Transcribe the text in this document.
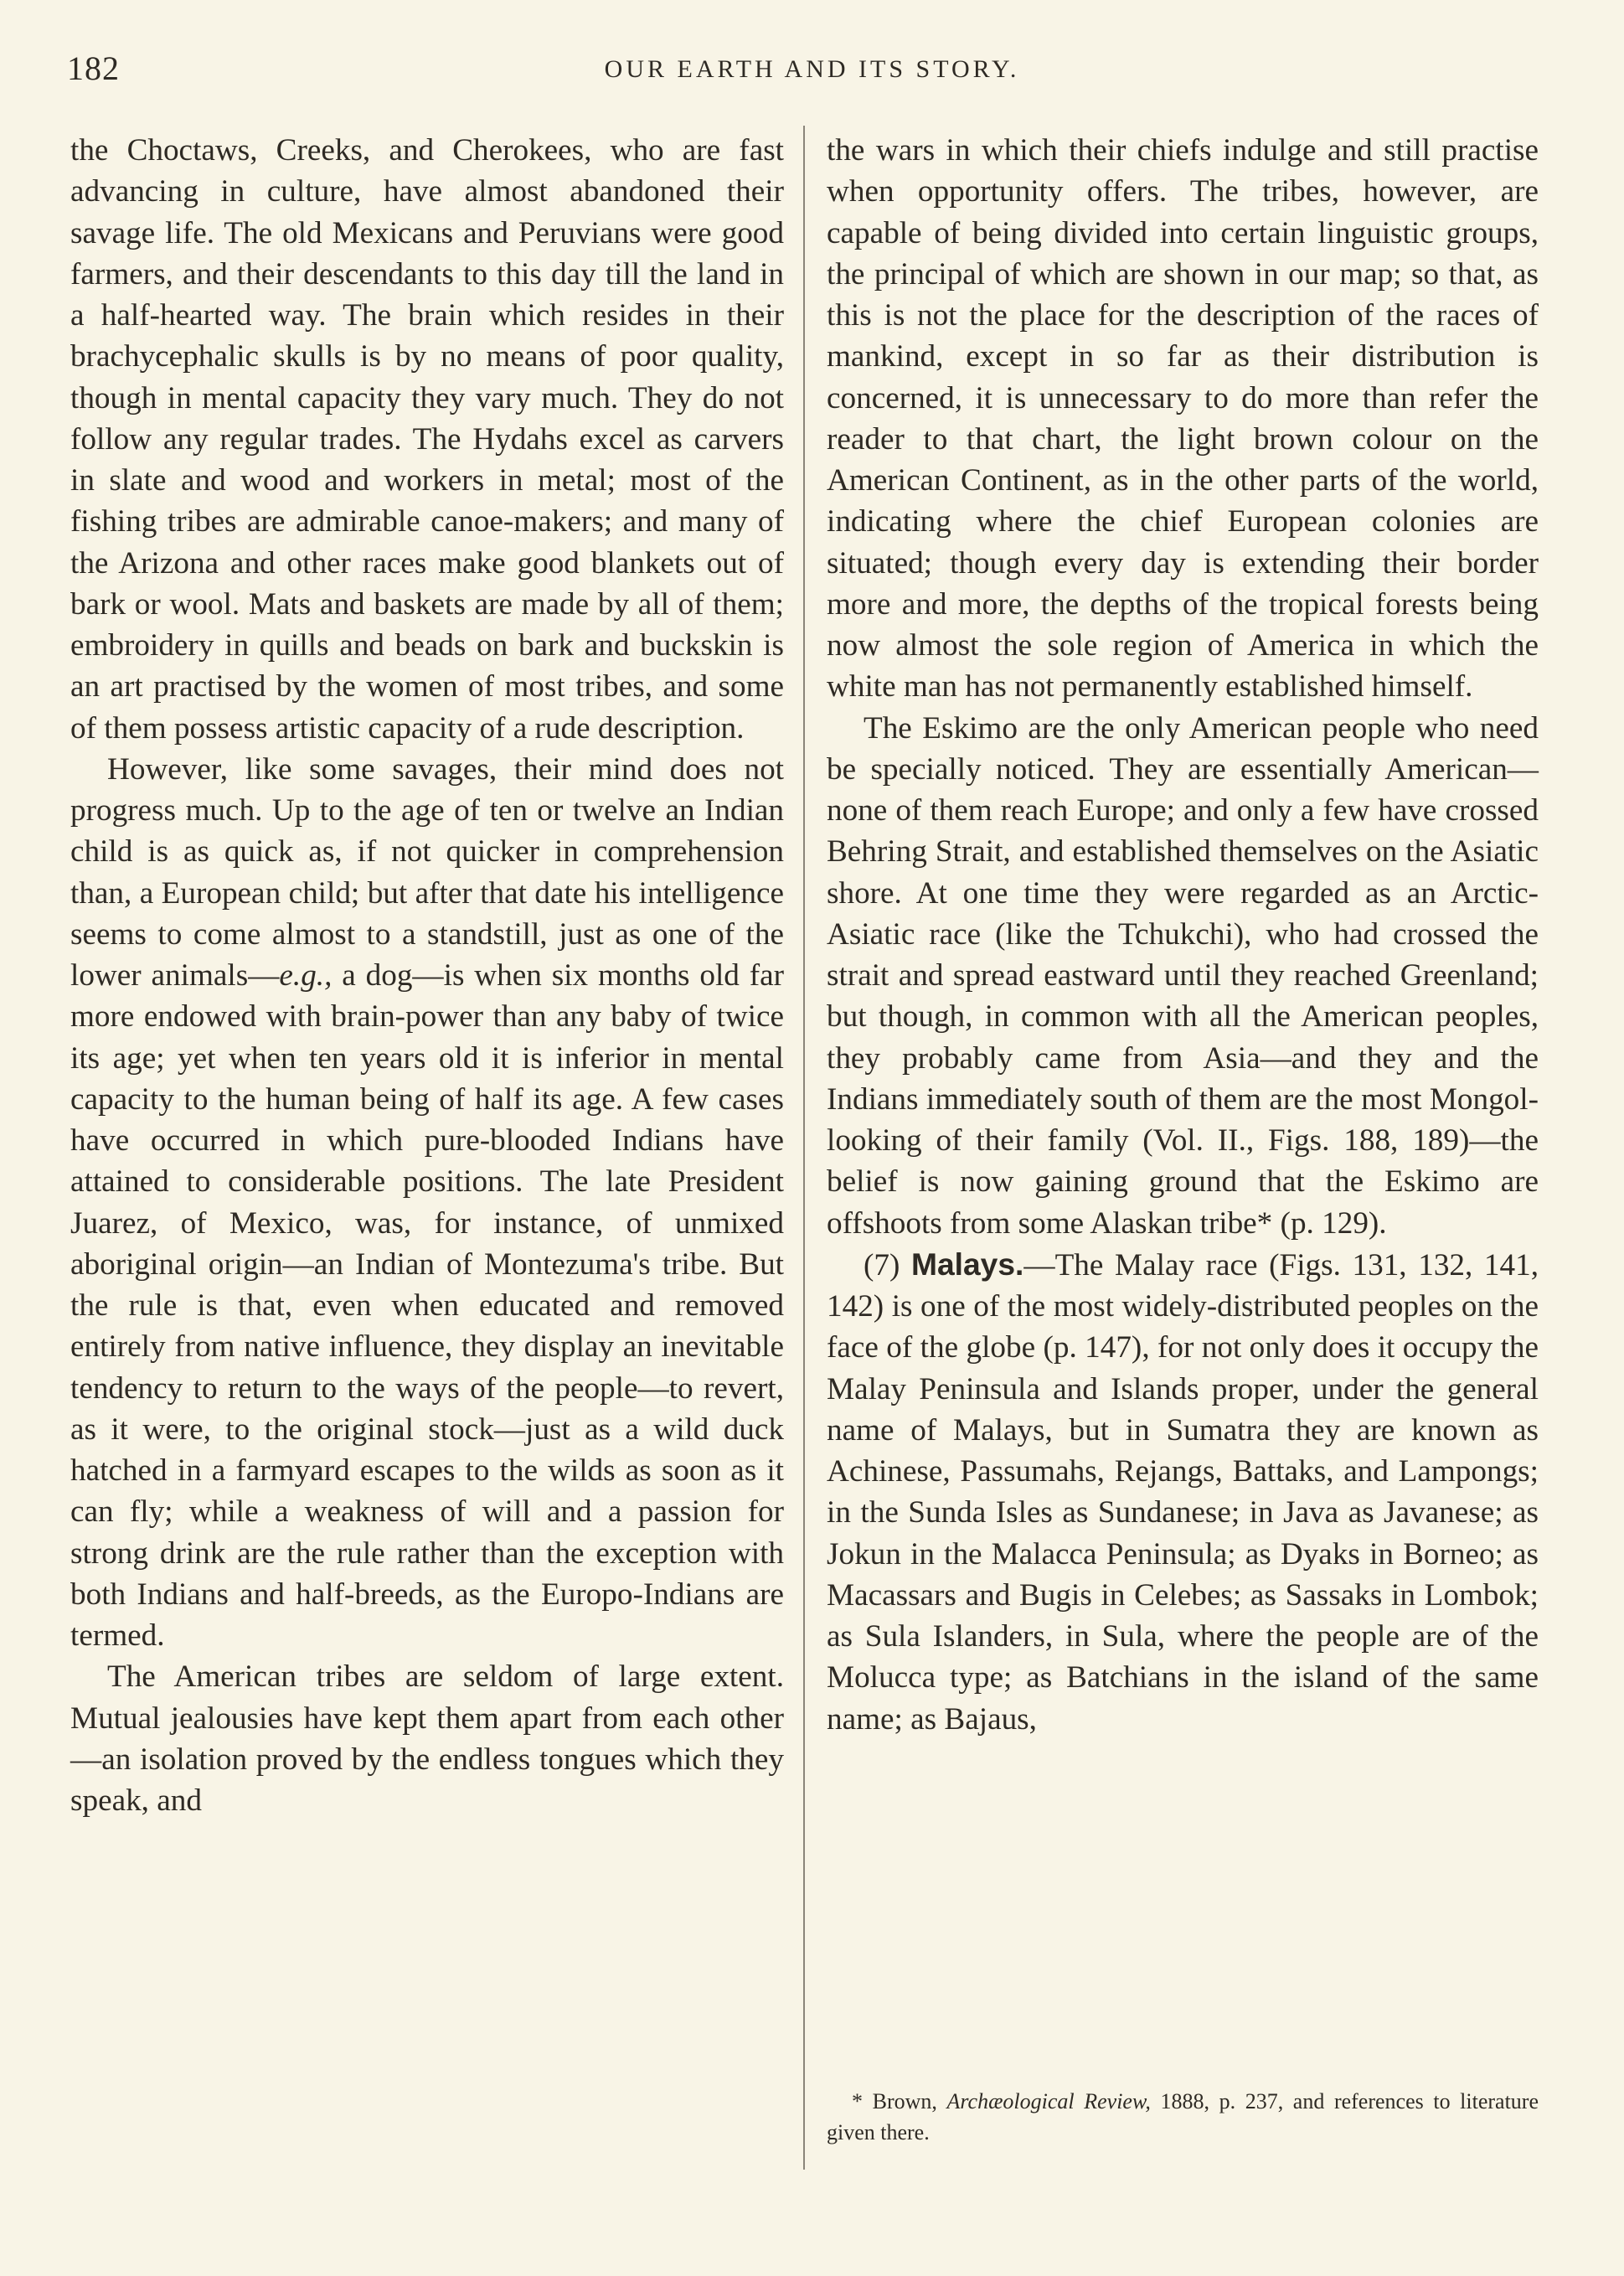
182	OUR EARTH AND ITS STORY.

the Choctaws, Creeks, and Cherokees, who are fast advancing in culture, have almost abandoned their savage life. The old Mexicans and Peruvians were good farmers, and their descendants to this day till the land in a half-hearted way. The brain which resides in their brachycephalic skulls is by no means of poor quality, though in mental capacity they vary much. They do not follow any regular trades. The Hydahs excel as carvers in slate and wood and workers in metal; most of the fishing tribes are admirable canoe-makers; and many of the Arizona and other races make good blankets out of bark or wool. Mats and baskets are made by all of them; embroidery in quills and beads on bark and buckskin is an art practised by the women of most tribes, and some of them possess artistic capacity of a rude description.

However, like some savages, their mind does not progress much. Up to the age of ten or twelve an Indian child is as quick as, if not quicker in comprehension than, a European child; but after that date his intelligence seems to come almost to a standstill, just as one of the lower animals—e.g., a dog—is when six months old far more endowed with brain-power than any baby of twice its age; yet when ten years old it is inferior in mental capacity to the human being of half its age. A few cases have occurred in which pure-blooded Indians have attained to considerable positions. The late President Juarez, of Mexico, was, for instance, of unmixed aboriginal origin—an Indian of Montezuma's tribe. But the rule is that, even when educated and removed entirely from native influence, they display an inevitable tendency to return to the ways of the people—to revert, as it were, to the original stock—just as a wild duck hatched in a farmyard escapes to the wilds as soon as it can fly; while a weakness of will and a passion for strong drink are the rule rather than the exception with both Indians and half-breeds, as the Europo-Indians are termed.

The American tribes are seldom of large extent. Mutual jealousies have kept them apart from each other—an isolation proved by the endless tongues which they speak, and

the wars in which their chiefs indulge and still practise when opportunity offers. The tribes, however, are capable of being divided into certain linguistic groups, the principal of which are shown in our map; so that, as this is not the place for the description of the races of mankind, except in so far as their distribution is concerned, it is unnecessary to do more than refer the reader to that chart, the light brown colour on the American Continent, as in the other parts of the world, indicating where the chief European colonies are situated; though every day is extending their border more and more, the depths of the tropical forests being now almost the sole region of America in which the white man has not permanently established himself.

The Eskimo are the only American people who need be specially noticed. They are essentially American—none of them reach Europe; and only a few have crossed Behring Strait, and established themselves on the Asiatic shore. At one time they were regarded as an Arctic-Asiatic race (like the Tchukchi), who had crossed the strait and spread eastward until they reached Greenland; but though, in common with all the American peoples, they probably came from Asia—and they and the Indians immediately south of them are the most Mongol-looking of their family (Vol. II., Figs. 188, 189)—the belief is now gaining ground that the Eskimo are offshoots from some Alaskan tribe* (p. 129).

(7) Malays.—The Malay race (Figs. 131, 132, 141, 142) is one of the most widely-distributed peoples on the face of the globe (p. 147), for not only does it occupy the Malay Peninsula and Islands proper, under the general name of Malays, but in Sumatra they are known as Achinese, Passumahs, Rejangs, Battaks, and Lampongs; in the Sunda Isles as Sundanese; in Java as Javanese; as Jokun in the Malacca Peninsula; as Dyaks in Borneo; as Macassars and Bugis in Celebes; as Sassaks in Lombok; as Sula Islanders, in Sula, where the people are of the Molucca type; as Batchians in the island of the same name; as Bajaus,

* Brown, Archæological Review, 1888, p. 237, and references to literature given there.
